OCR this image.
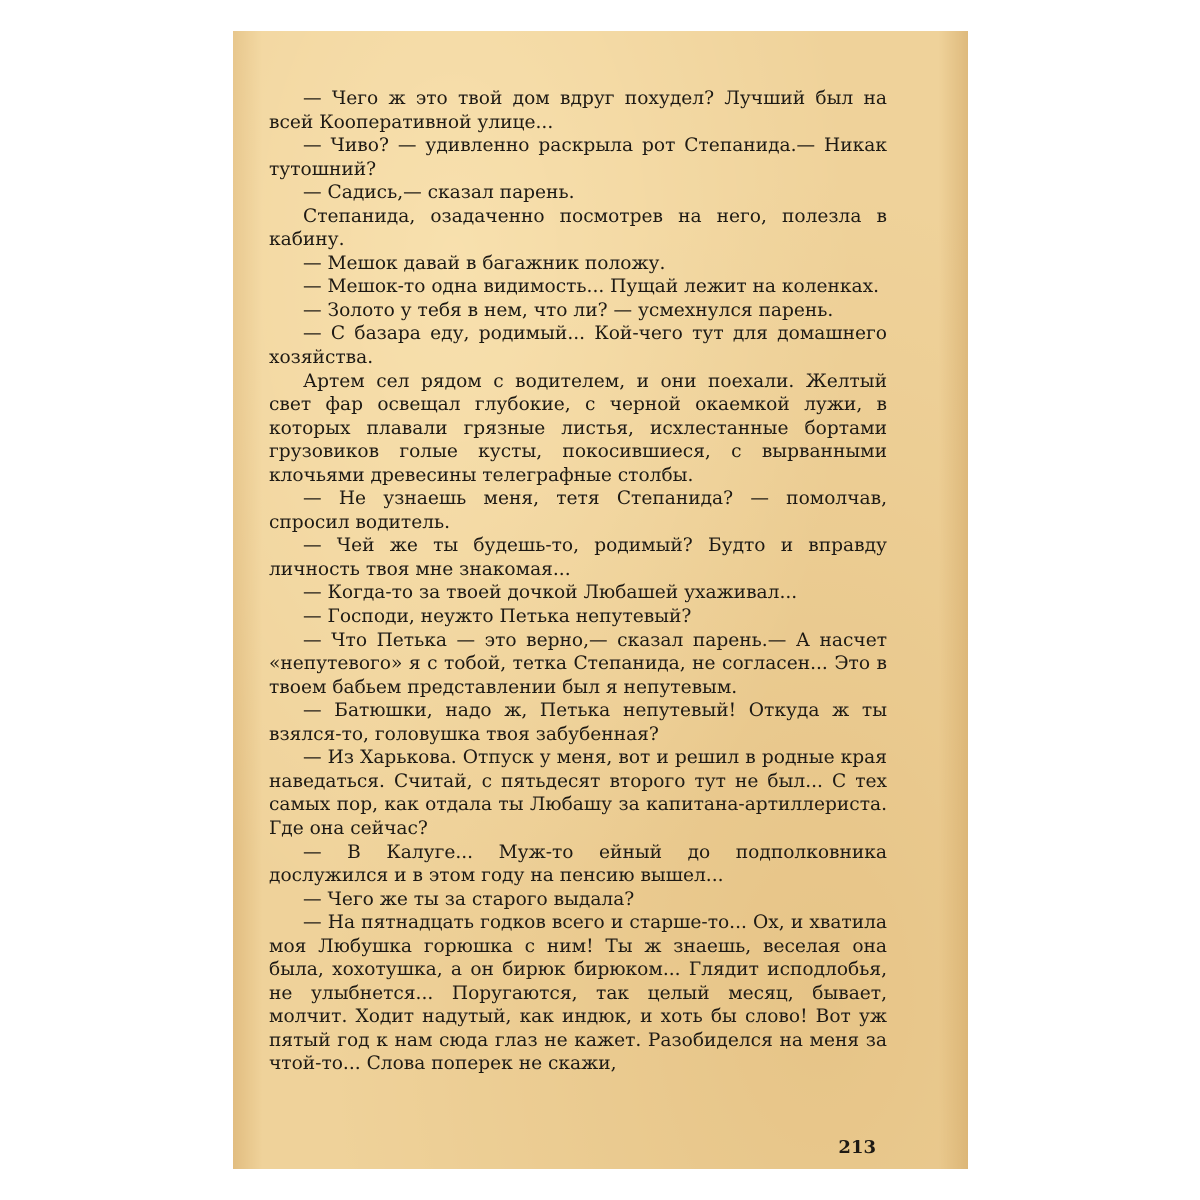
— Чего ж это твой дом вдруг похудел? Лучший был на всей Кооперативной улице...

— Чиво? — удивленно раскрыла рот Степанида.— Никак тутошний?

— Садись,— сказал парень.

Степанида, озадаченно посмотрев на него, полезла в кабину.

— Мешок давай в багажник положу.

— Мешок-то одна видимость... Пущай лежит на коленках.

— Золото у тебя в нем, что ли? — усмехнулся парень.

— С базара еду, родимый... Кой-чего тут для домашнего хозяйства.

Артем сел рядом с водителем, и они поехали. Желтый свет фар освещал глубокие, с черной окаемкой лужи, в которых плавали грязные листья, исхлестанные бортами грузовиков голые кусты, покосившиеся, с вырванными клочьями древесины телеграфные столбы.

— Не узнаешь меня, тетя Степанида? — помолчав, спросил водитель.

— Чей же ты будешь-то, родимый? Будто и вправду личность твоя мне знакомая...

— Когда-то за твоей дочкой Любашей ухаживал...

— Господи, неужто Петька непутевый?

— Что Петька — это верно,— сказал парень.— А насчет «непутевого» я с тобой, тетка Степанида, не согласен... Это в твоем бабьем представлении был я непутевым.

— Батюшки, надо ж, Петька непутевый! Откуда ж ты взялся-то, головушка твоя забубенная?

— Из Харькова. Отпуск у меня, вот и решил в родные края наведаться. Считай, с пятьдесят второго тут не был... С тех самых пор, как отдала ты Любашу за капитана-артиллериста. Где она сейчас?

— В Калуге... Муж-то ейный до подполковника дослужился и в этом году на пенсию вышел...

— Чего же ты за старого выдала?

— На пятнадцать годков всего и старше-то... Ох, и хватила моя Любушка горюшка с ним! Ты ж знаешь, веселая она была, хохотушка, а он бирюк бирюком... Глядит исподлобья, не улыбнется... Поругаются, так целый месяц, бывает, молчит. Ходит надутый, как индюк, и хоть бы слово! Вот уж пятый год к нам сюда глаз не кажет. Разобиделся на меня за чтой-то... Слова поперек не скажи,

213
